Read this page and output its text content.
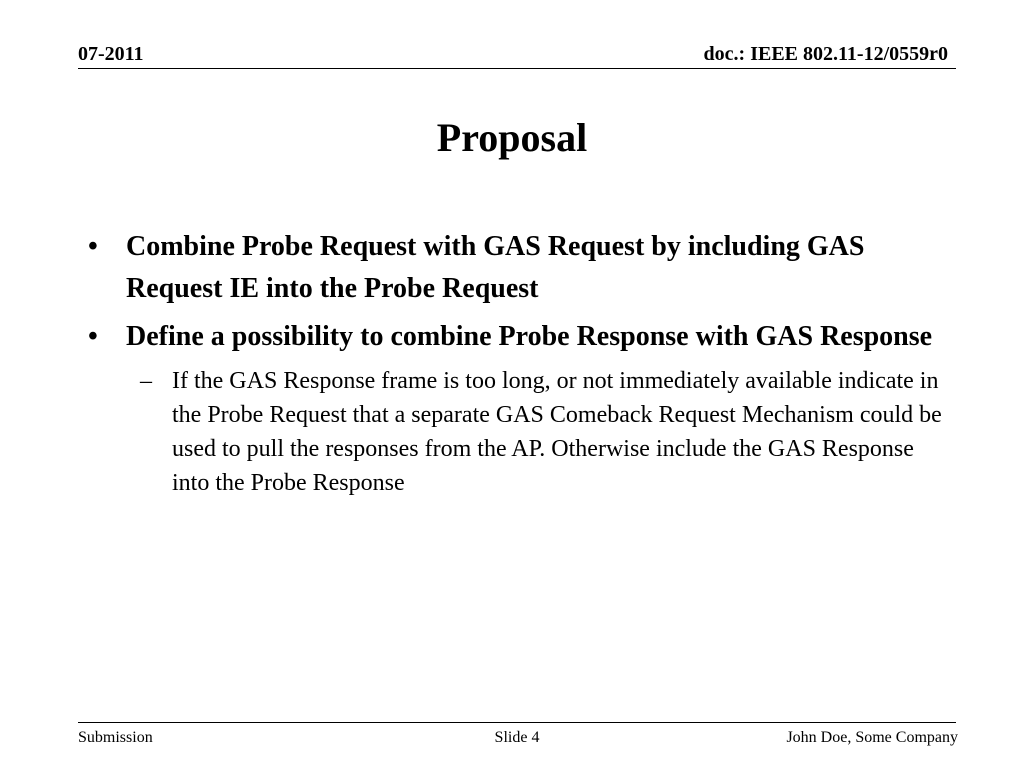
07-2011	doc.: IEEE 802.11-12/0559r0
Proposal
• Combine Probe Request with GAS Request by including GAS Request IE into the Probe Request
• Define a possibility to combine Probe Response with GAS Response
– If the GAS Response frame is too long, or not immediately available indicate in the Probe Request that a separate GAS Comeback Request Mechanism could be used to pull the responses from the AP. Otherwise include the GAS Response into the Probe Response
Submission	Slide 4	John Doe, Some Company
